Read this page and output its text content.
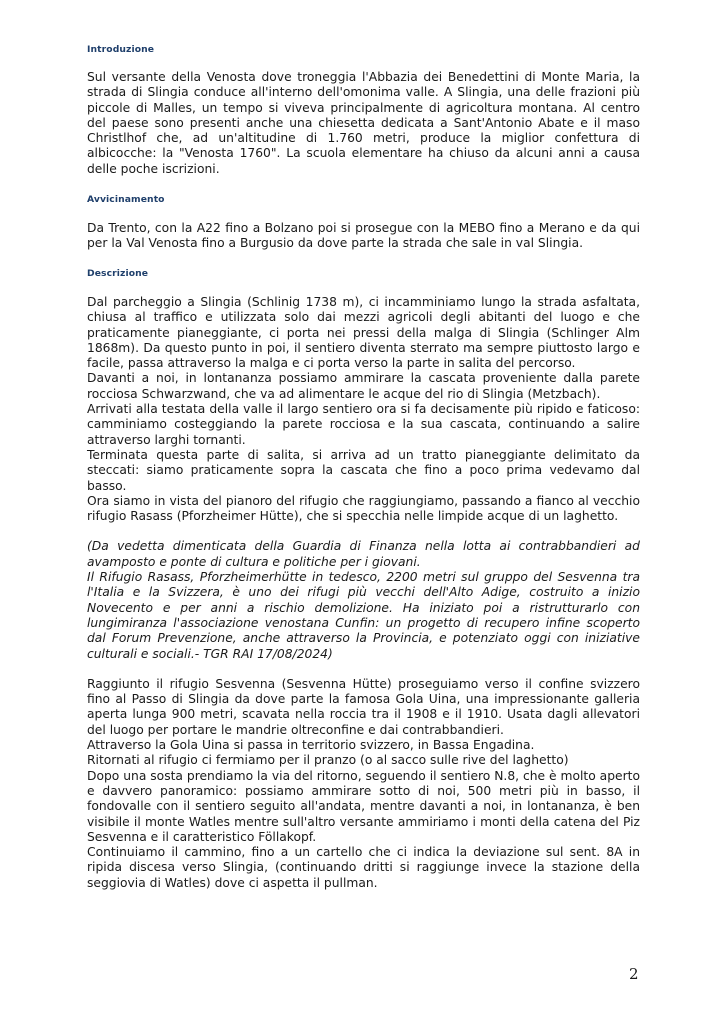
Introduzione

Sul versante della Venosta dove troneggia l'Abbazia dei Benedettini di Monte Maria, la strada di Slingia conduce all'interno dell'omonima valle. A Slingia, una delle frazioni più piccole di Malles, un tempo si viveva principalmente di agricoltura montana. Al centro del paese sono presenti anche una chiesetta dedicata a Sant'Antonio Abate e il maso Christlhof che, ad un'altitudine di 1.760 metri, produce la miglior confettura di albicocche: la "Venosta 1760". La scuola elementare ha chiuso da alcuni anni a causa delle poche iscrizioni.

Avvicinamento

Da Trento, con la A22 fino a Bolzano poi si prosegue con la MEBO fino a Merano e da qui per la Val Venosta fino a Burgusio da dove parte la strada che sale in val Slingia.

Descrizione

Dal parcheggio a Slingia (Schlinig 1738 m), ci incamminiamo lungo la strada asfaltata, chiusa al traffico e utilizzata solo dai mezzi agricoli degli abitanti del luogo e che praticamente pianeggiante, ci porta nei pressi della malga di Slingia (Schlinger Alm 1868m). Da questo punto in poi, il sentiero diventa sterrato ma sempre piuttosto largo e facile, passa attraverso la malga e ci porta verso la parte in salita del percorso.

Davanti a noi, in lontananza possiamo ammirare la cascata proveniente dalla parete rocciosa Schwarzwand, che va ad alimentare le acque del rio di Slingia (Metzbach).

Arrivati alla testata della valle il largo sentiero ora si fa decisamente più ripido e faticoso: camminiamo costeggiando la parete rocciosa e la sua cascata, continuando a salire attraverso larghi tornanti.

Terminata questa parte di salita, si arriva ad un tratto pianeggiante delimitato da steccati: siamo praticamente sopra la cascata che fino a poco prima vedevamo dal basso.

Ora siamo in vista del pianoro del rifugio che raggiungiamo, passando a fianco al vecchio rifugio Rasass (Pforzheimer Hütte), che si specchia nelle limpide acque di un laghetto.

(Da vedetta dimenticata della Guardia di Finanza nella lotta ai contrabbandieri ad avamposto e ponte di cultura e politiche per i giovani.

Il Rifugio Rasass, Pforzheimerhütte in tedesco, 2200 metri sul gruppo del Sesvenna tra l'Italia e la Svizzera, è uno dei rifugi più vecchi dell'Alto Adige, costruito a inizio Novecento e per anni a rischio demolizione. Ha iniziato poi a ristrutturarlo con lungimiranza l'associazione venostana Cunfin: un progetto di recupero infine scoperto dal Forum Prevenzione, anche attraverso la Provincia, e potenziato oggi con iniziative culturali e sociali.- TGR RAI 17/08/2024)

Raggiunto il rifugio Sesvenna (Sesvenna Hütte) proseguiamo verso il confine svizzero fino al Passo di Slingia da dove parte la famosa Gola Uina, una impressionante galleria aperta lunga 900 metri, scavata nella roccia tra il 1908 e il 1910. Usata dagli allevatori del luogo per portare le mandrie oltreconfine e dai contrabbandieri.

Attraverso la Gola Uina si passa in territorio svizzero, in Bassa Engadina.

Ritornati al rifugio ci fermiamo per il pranzo (o al sacco sulle rive del laghetto)

Dopo una sosta prendiamo la via del ritorno, seguendo il sentiero N.8, che è molto aperto e davvero panoramico: possiamo ammirare sotto di noi, 500 metri più in basso, il fondovalle con il sentiero seguito all'andata, mentre davanti a noi, in lontananza, è ben visibile il monte Watles mentre sull'altro versante ammiriamo i monti della catena del Piz Sesvenna e il caratteristico Föllakopf.

Continuiamo il cammino, fino a un cartello che ci indica la deviazione sul sent. 8A in ripida discesa verso Slingia, (continuando dritti si raggiunge invece la stazione della seggiovia di Watles) dove ci aspetta il pullman.

2
